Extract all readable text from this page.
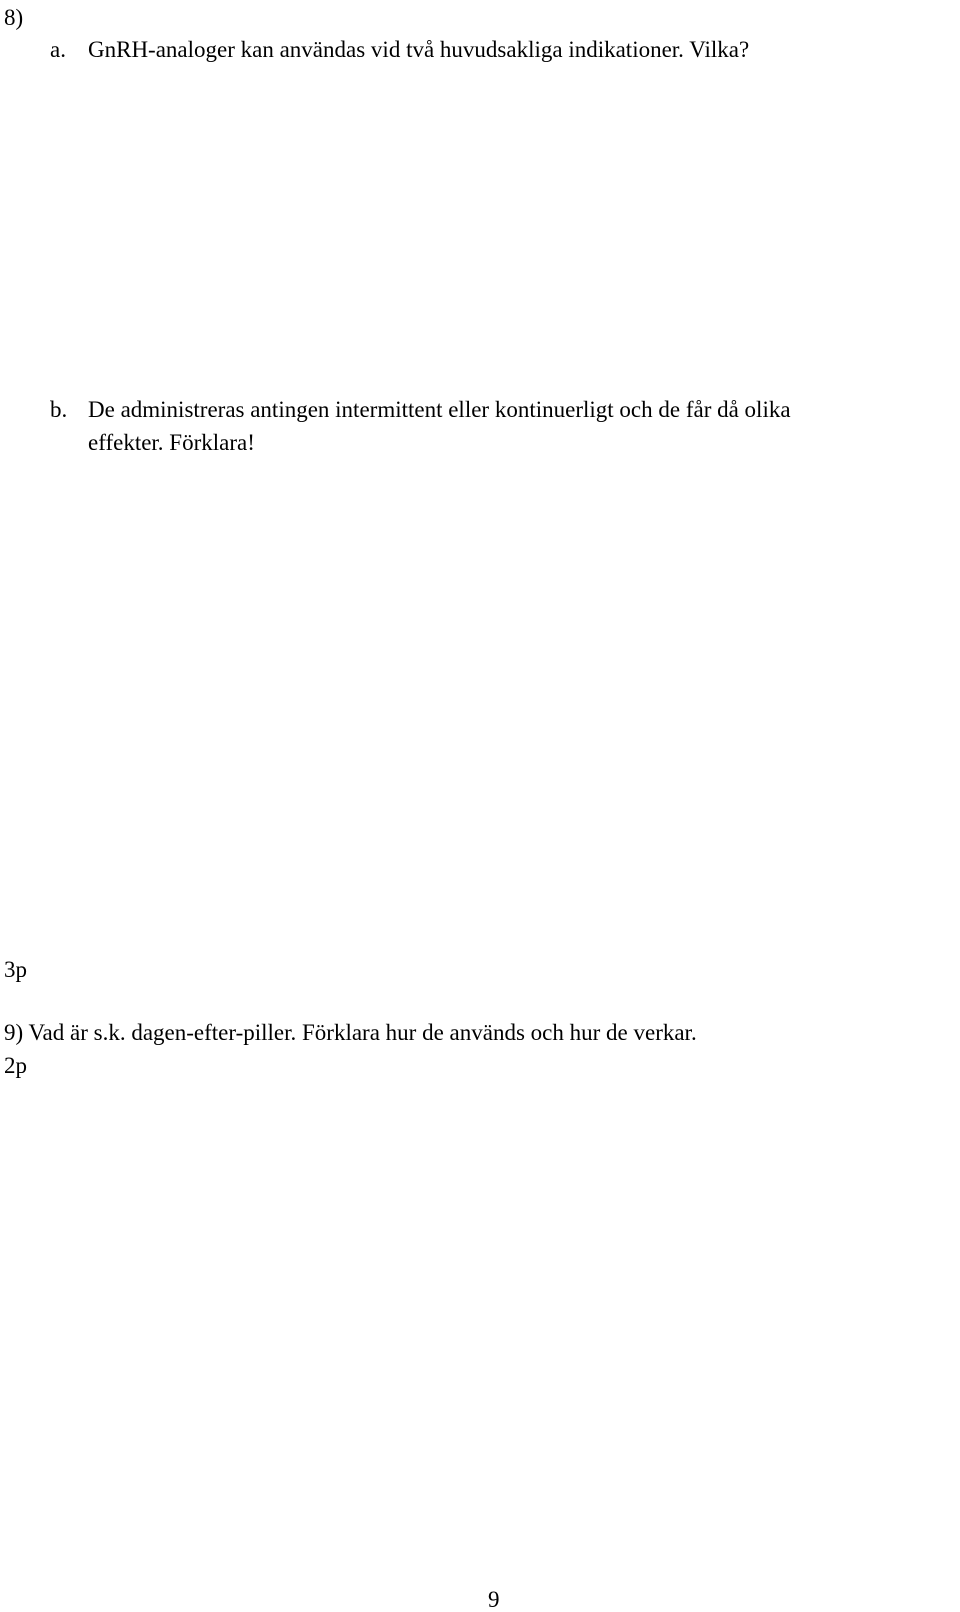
8)
a. GnRH-analoger kan användas vid två huvudsakliga indikationer. Vilka?
b. De administreras antingen intermittent eller kontinuerligt och de får då olika
effekter. Förklara!
3p
9) Vad är s.k. dagen-efter-piller. Förklara hur de används och hur de verkar.
2p
9
